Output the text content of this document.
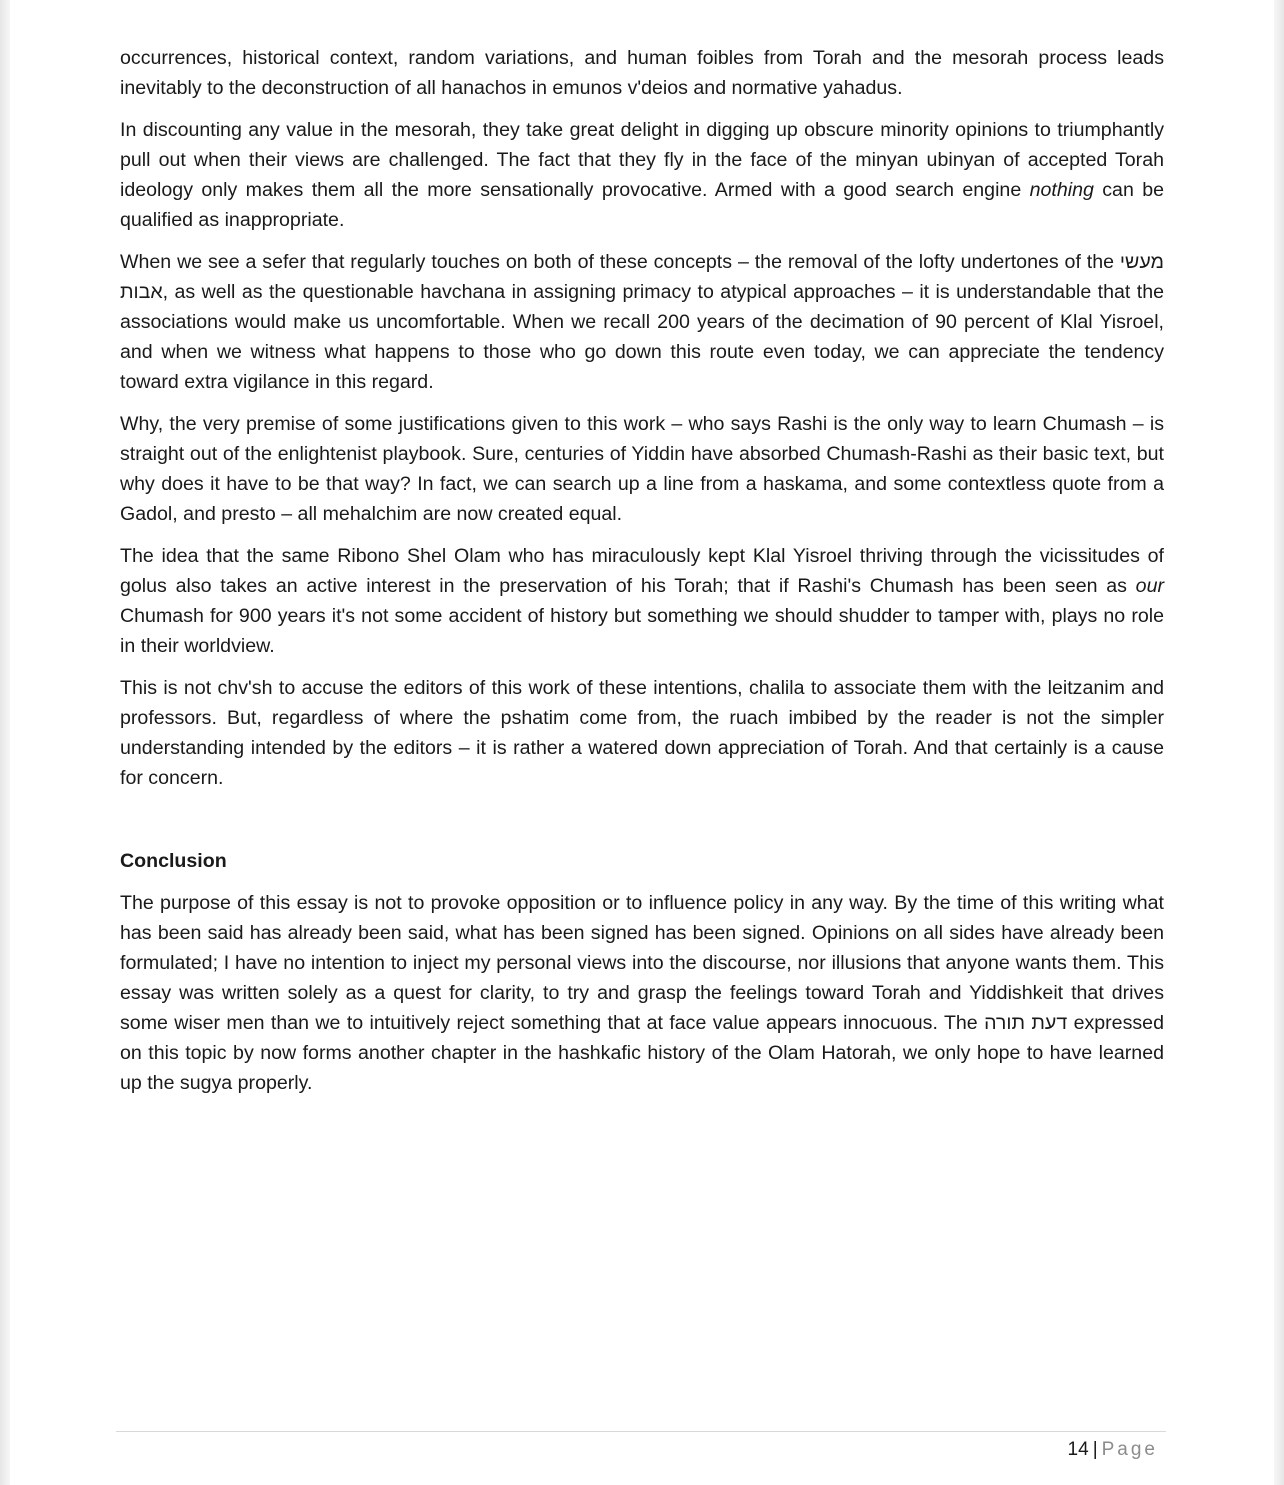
occurrences, historical context, random variations, and human foibles from Torah and the mesorah process leads inevitably to the deconstruction of all hanachos in emunos v'deios and normative yahadus.

In discounting any value in the mesorah, they take great delight in digging up obscure minority opinions to triumphantly pull out when their views are challenged. The fact that they fly in the face of the minyan ubinyan of accepted Torah ideology only makes them all the more sensationally provocative. Armed with a good search engine nothing can be qualified as inappropriate.

When we see a sefer that regularly touches on both of these concepts – the removal of the lofty undertones of the מעשי אבות, as well as the questionable havchana in assigning primacy to atypical approaches – it is understandable that the associations would make us uncomfortable. When we recall 200 years of the decimation of 90 percent of Klal Yisroel, and when we witness what happens to those who go down this route even today, we can appreciate the tendency toward extra vigilance in this regard.

Why, the very premise of some justifications given to this work – who says Rashi is the only way to learn Chumash – is straight out of the enlightenist playbook. Sure, centuries of Yiddin have absorbed Chumash-Rashi as their basic text, but why does it have to be that way? In fact, we can search up a line from a haskama, and some contextless quote from a Gadol, and presto – all mehalchim are now created equal.

The idea that the same Ribono Shel Olam who has miraculously kept Klal Yisroel thriving through the vicissitudes of golus also takes an active interest in the preservation of his Torah; that if Rashi's Chumash has been seen as our Chumash for 900 years it's not some accident of history but something we should shudder to tamper with, plays no role in their worldview.

This is not chv'sh to accuse the editors of this work of these intentions, chalila to associate them with the leitzanim and professors. But, regardless of where the pshatim come from, the ruach imbibed by the reader is not the simpler understanding intended by the editors – it is rather a watered down appreciation of Torah. And that certainly is a cause for concern.

Conclusion

The purpose of this essay is not to provoke opposition or to influence policy in any way. By the time of this writing what has been said has already been said, what has been signed has been signed. Opinions on all sides have already been formulated; I have no intention to inject my personal views into the discourse, nor illusions that anyone wants them. This essay was written solely as a quest for clarity, to try and grasp the feelings toward Torah and Yiddishkeit that drives some wiser men than we to intuitively reject something that at face value appears innocuous. The דעת תורה expressed on this topic by now forms another chapter in the hashkafic history of the Olam Hatorah, we only hope to have learned up the sugya properly.

14 | Page
